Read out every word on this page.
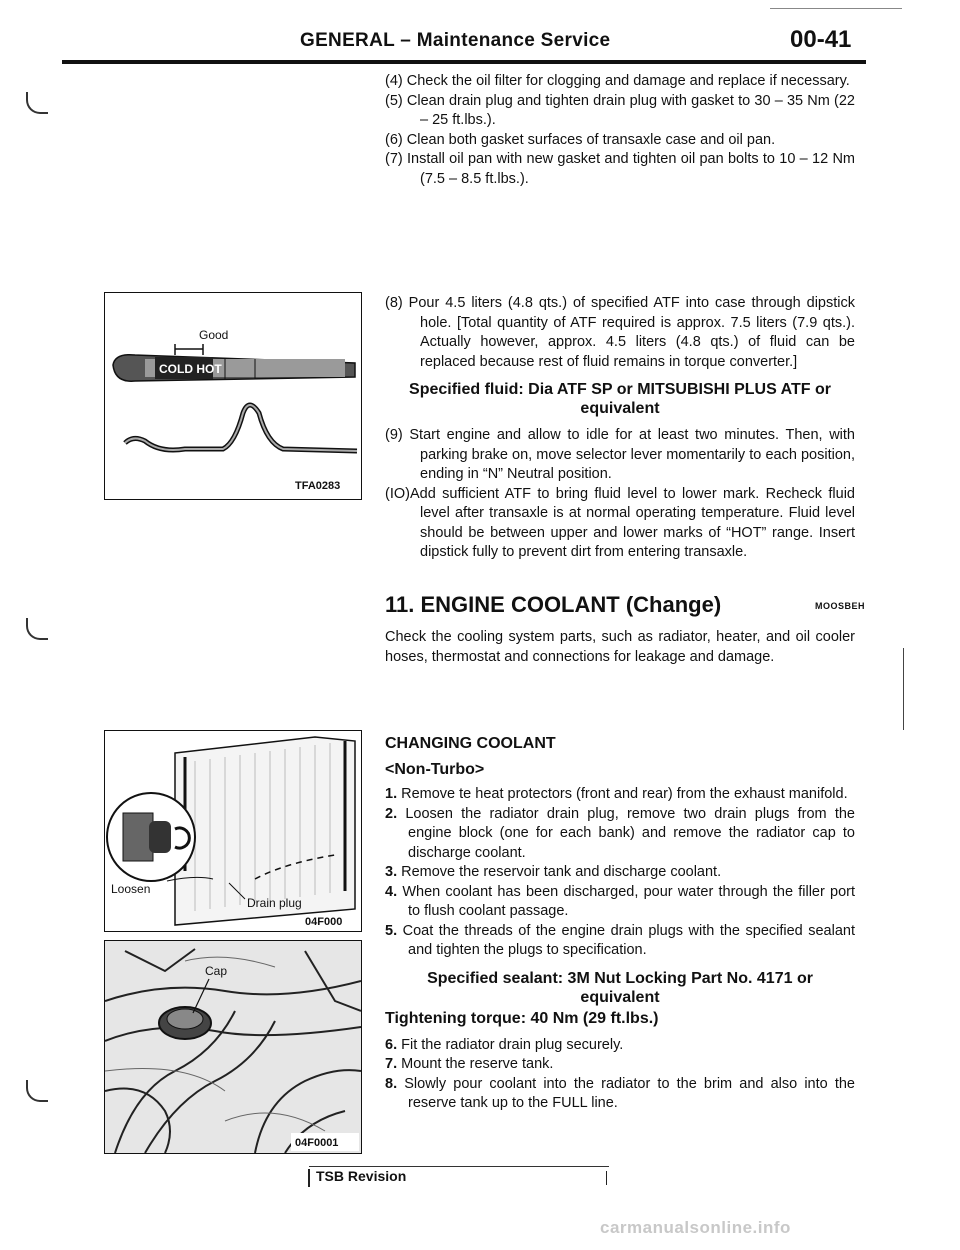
GENERAL – Maintenance Service	00-41

(4) Check the oil filter for clogging and damage and replace if necessary.

(5) Clean drain plug and tighten drain plug with gasket to 30 – 35 Nm (22 – 25 ft.lbs.).

(6) Clean both gasket surfaces of transaxle case and oil pan.

(7) Install oil pan with new gasket and tighten oil pan bolts to 10 – 12 Nm (7.5 – 8.5 ft.lbs.).

Good
COLD HOT
TFA0283

(8) Pour 4.5 liters (4.8 qts.) of specified ATF into case through dipstick hole. [Total quantity of ATF required is approx. 7.5 liters (7.9 qts.). Actually however, approx. 4.5 liters (4.8 qts.) of fluid can be replaced because rest of fluid remains in torque converter.]

Specified fluid: Dia ATF SP or MITSUBISHI PLUS ATF or equivalent

(9) Start engine and allow to idle for at least two minutes. Then, with parking brake on, move selector lever momentarily to each position, ending in “N” Neutral position.

(IO)Add sufficient ATF to bring fluid level to lower mark. Recheck fluid level after transaxle is at normal operating temperature. Fluid level should be between upper and lower marks of “HOT” range. Insert dipstick fully to prevent dirt from entering transaxle.

11. ENGINE COOLANT (Change)	MOOSBEH

Check the cooling system parts, such as radiator, heater, and oil cooler hoses, thermostat and connections for leakage and damage.

Loosen
Drain plug
04F000
Cap
04F0001
CHANGING COOLANT
<Non-Turbo>

1. Remove te heat protectors (front and rear) from the exhaust manifold.

2. Loosen the radiator drain plug, remove two drain plugs from the engine block (one for each bank) and remove the radiator cap to discharge coolant.

3. Remove the reservoir tank and discharge coolant.

4. When coolant has been discharged, pour water through the filler port to flush coolant passage.

5. Coat the threads of the engine drain plugs with the specified sealant and tighten the plugs to specification.

Specified sealant: 3M Nut Locking Part No. 4171 or equivalent

Tightening torque: 40 Nm (29 ft.lbs.)

6. Fit the radiator drain plug securely.

7. Mount the reserve tank.

8. Slowly pour coolant into the radiator to the brim and also into the reserve tank up to the FULL line.

TSB Revision
carmanualsonline.info
